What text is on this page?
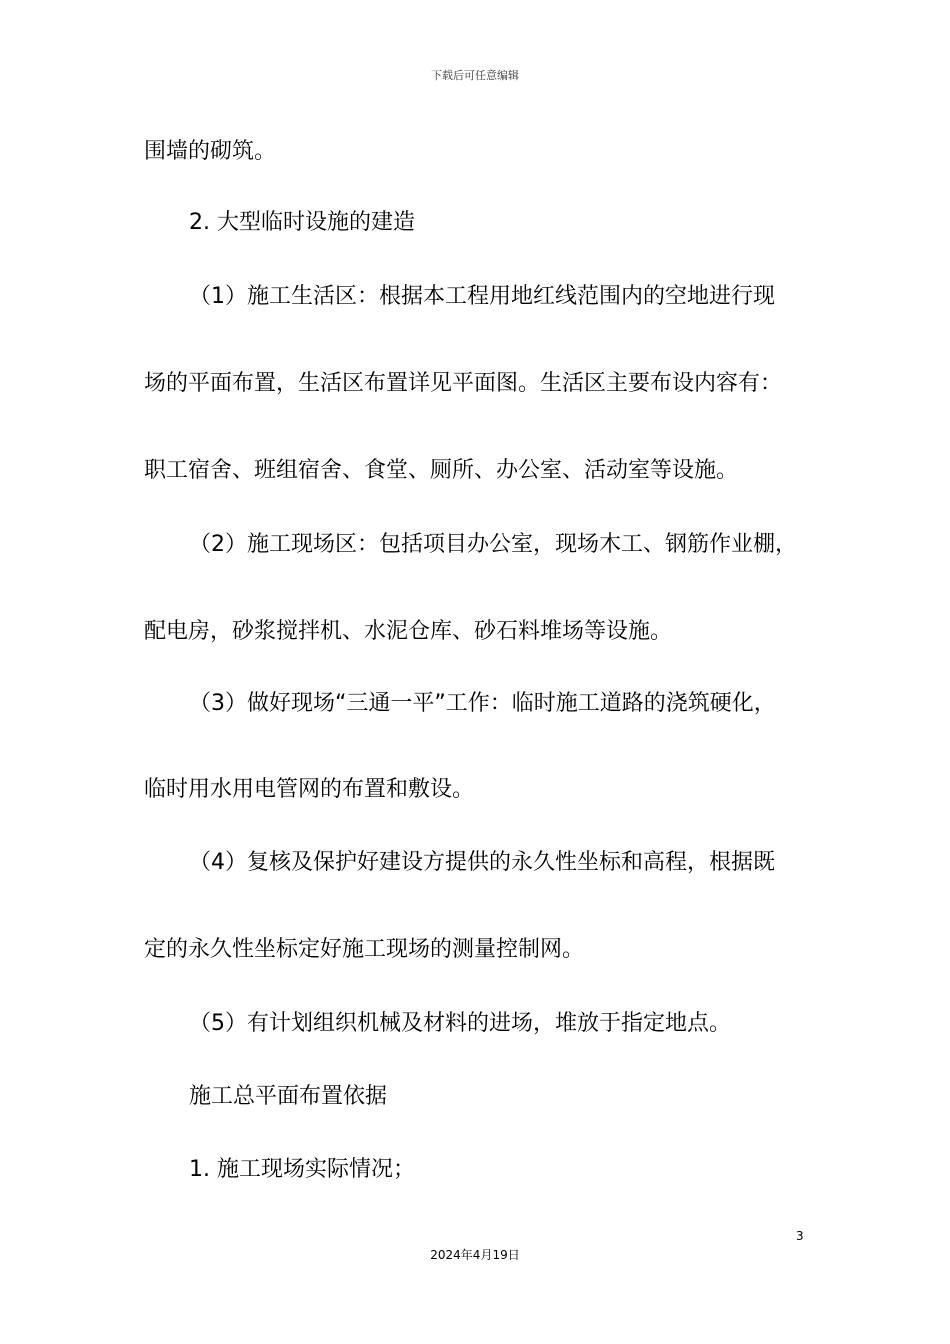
下载后可任意编辑
围墙的砌筑。
2. 大型临时设施的建造
（1）施工生活区：根据本工程用地红线范围内的空地进行现
场的平面布置，生活区布置详见平面图。生活区主要布设内容有：
职工宿舍、班组宿舍、食堂、厕所、办公室、活动室等设施。
（2）施工现场区：包括项目办公室，现场木工、钢筋作业棚，
配电房，砂浆搅拌机、水泥仓库、砂石料堆场等设施。
（3）做好现场“三通一平”工作：临时施工道路的浇筑硬化，
临时用水用电管网的布置和敷设。
（4）复核及保护好建设方提供的永久性坐标和高程，根据既
定的永久性坐标定好施工现场的测量控制网。
（5）有计划组织机械及材料的进场，堆放于指定地点。
施工总平面布置依据
1. 施工现场实际情况；
3
2024年4月19日
